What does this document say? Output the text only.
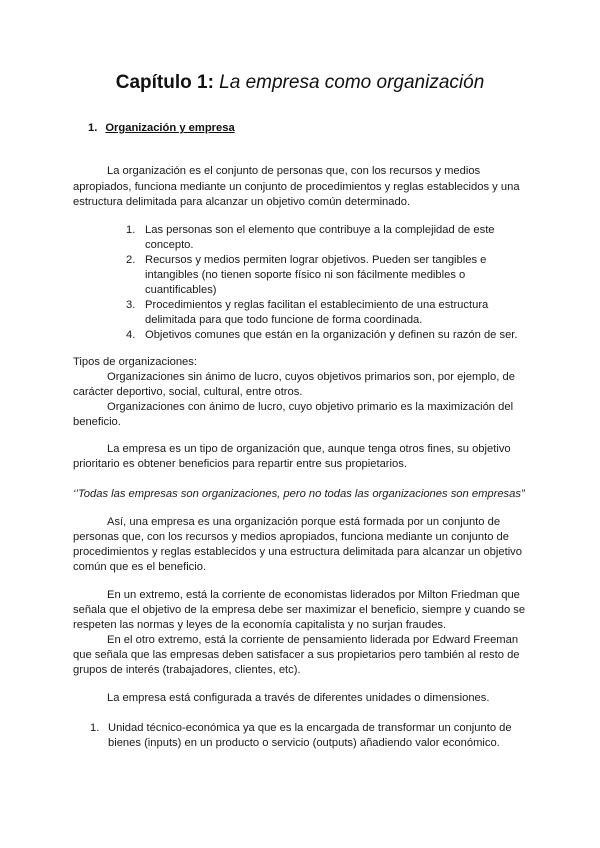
Capítulo 1: La empresa como organización
1. Organización y empresa
La organización es el conjunto de personas que, con los recursos y medios
apropiados, funciona mediante un conjunto de procedimientos y reglas establecidos y una
estructura delimitada para alcanzar un objetivo común determinado.
1. Las personas son el elemento que contribuye a la complejidad de este
concepto.
2. Recursos y medios permiten lograr objetivos. Pueden ser tangibles e
intangibles (no tienen soporte físico ni son fácilmente medibles o
cuantificables)
3. Procedimientos y reglas facilitan el establecimiento de una estructura
delimitada para que todo funcione de forma coordinada.
4. Objetivos comunes que están en la organización y definen su razón de ser.
Tipos de organizaciones:
Organizaciones sin ánimo de lucro, cuyos objetivos primarios son, por ejemplo, de
carácter deportivo, social, cultural, entre otros.
Organizaciones con ánimo de lucro, cuyo objetivo primario es la maximización del
beneficio.
La empresa es un tipo de organización que, aunque tenga otros fines, su objetivo
prioritario es obtener beneficios para repartir entre sus propietarios.
‘’Todas las empresas son organizaciones, pero no todas las organizaciones son empresas”
Así, una empresa es una organización porque está formada por un conjunto de
personas que, con los recursos y medios apropiados, funciona mediante un conjunto de
procedimientos y reglas establecidos y una estructura delimitada para alcanzar un objetivo
común que es el beneficio.
En un extremo, está la corriente de economistas liderados por Milton Friedman que
señala que el objetivo de la empresa debe ser maximizar el beneficio, siempre y cuando se
respeten las normas y leyes de la economía capitalista y no surjan fraudes.
En el otro extremo, está la corriente de pensamiento liderada por Edward Freeman
que señala que las empresas deben satisfacer a sus propietarios pero también al resto de
grupos de interés (trabajadores, clientes, etc).
La empresa está configurada a través de diferentes unidades o dimensiones.
1. Unidad técnico-económica ya que es la encargada de transformar un conjunto de
bienes (inputs) en un producto o servicio (outputs) añadiendo valor económico.
